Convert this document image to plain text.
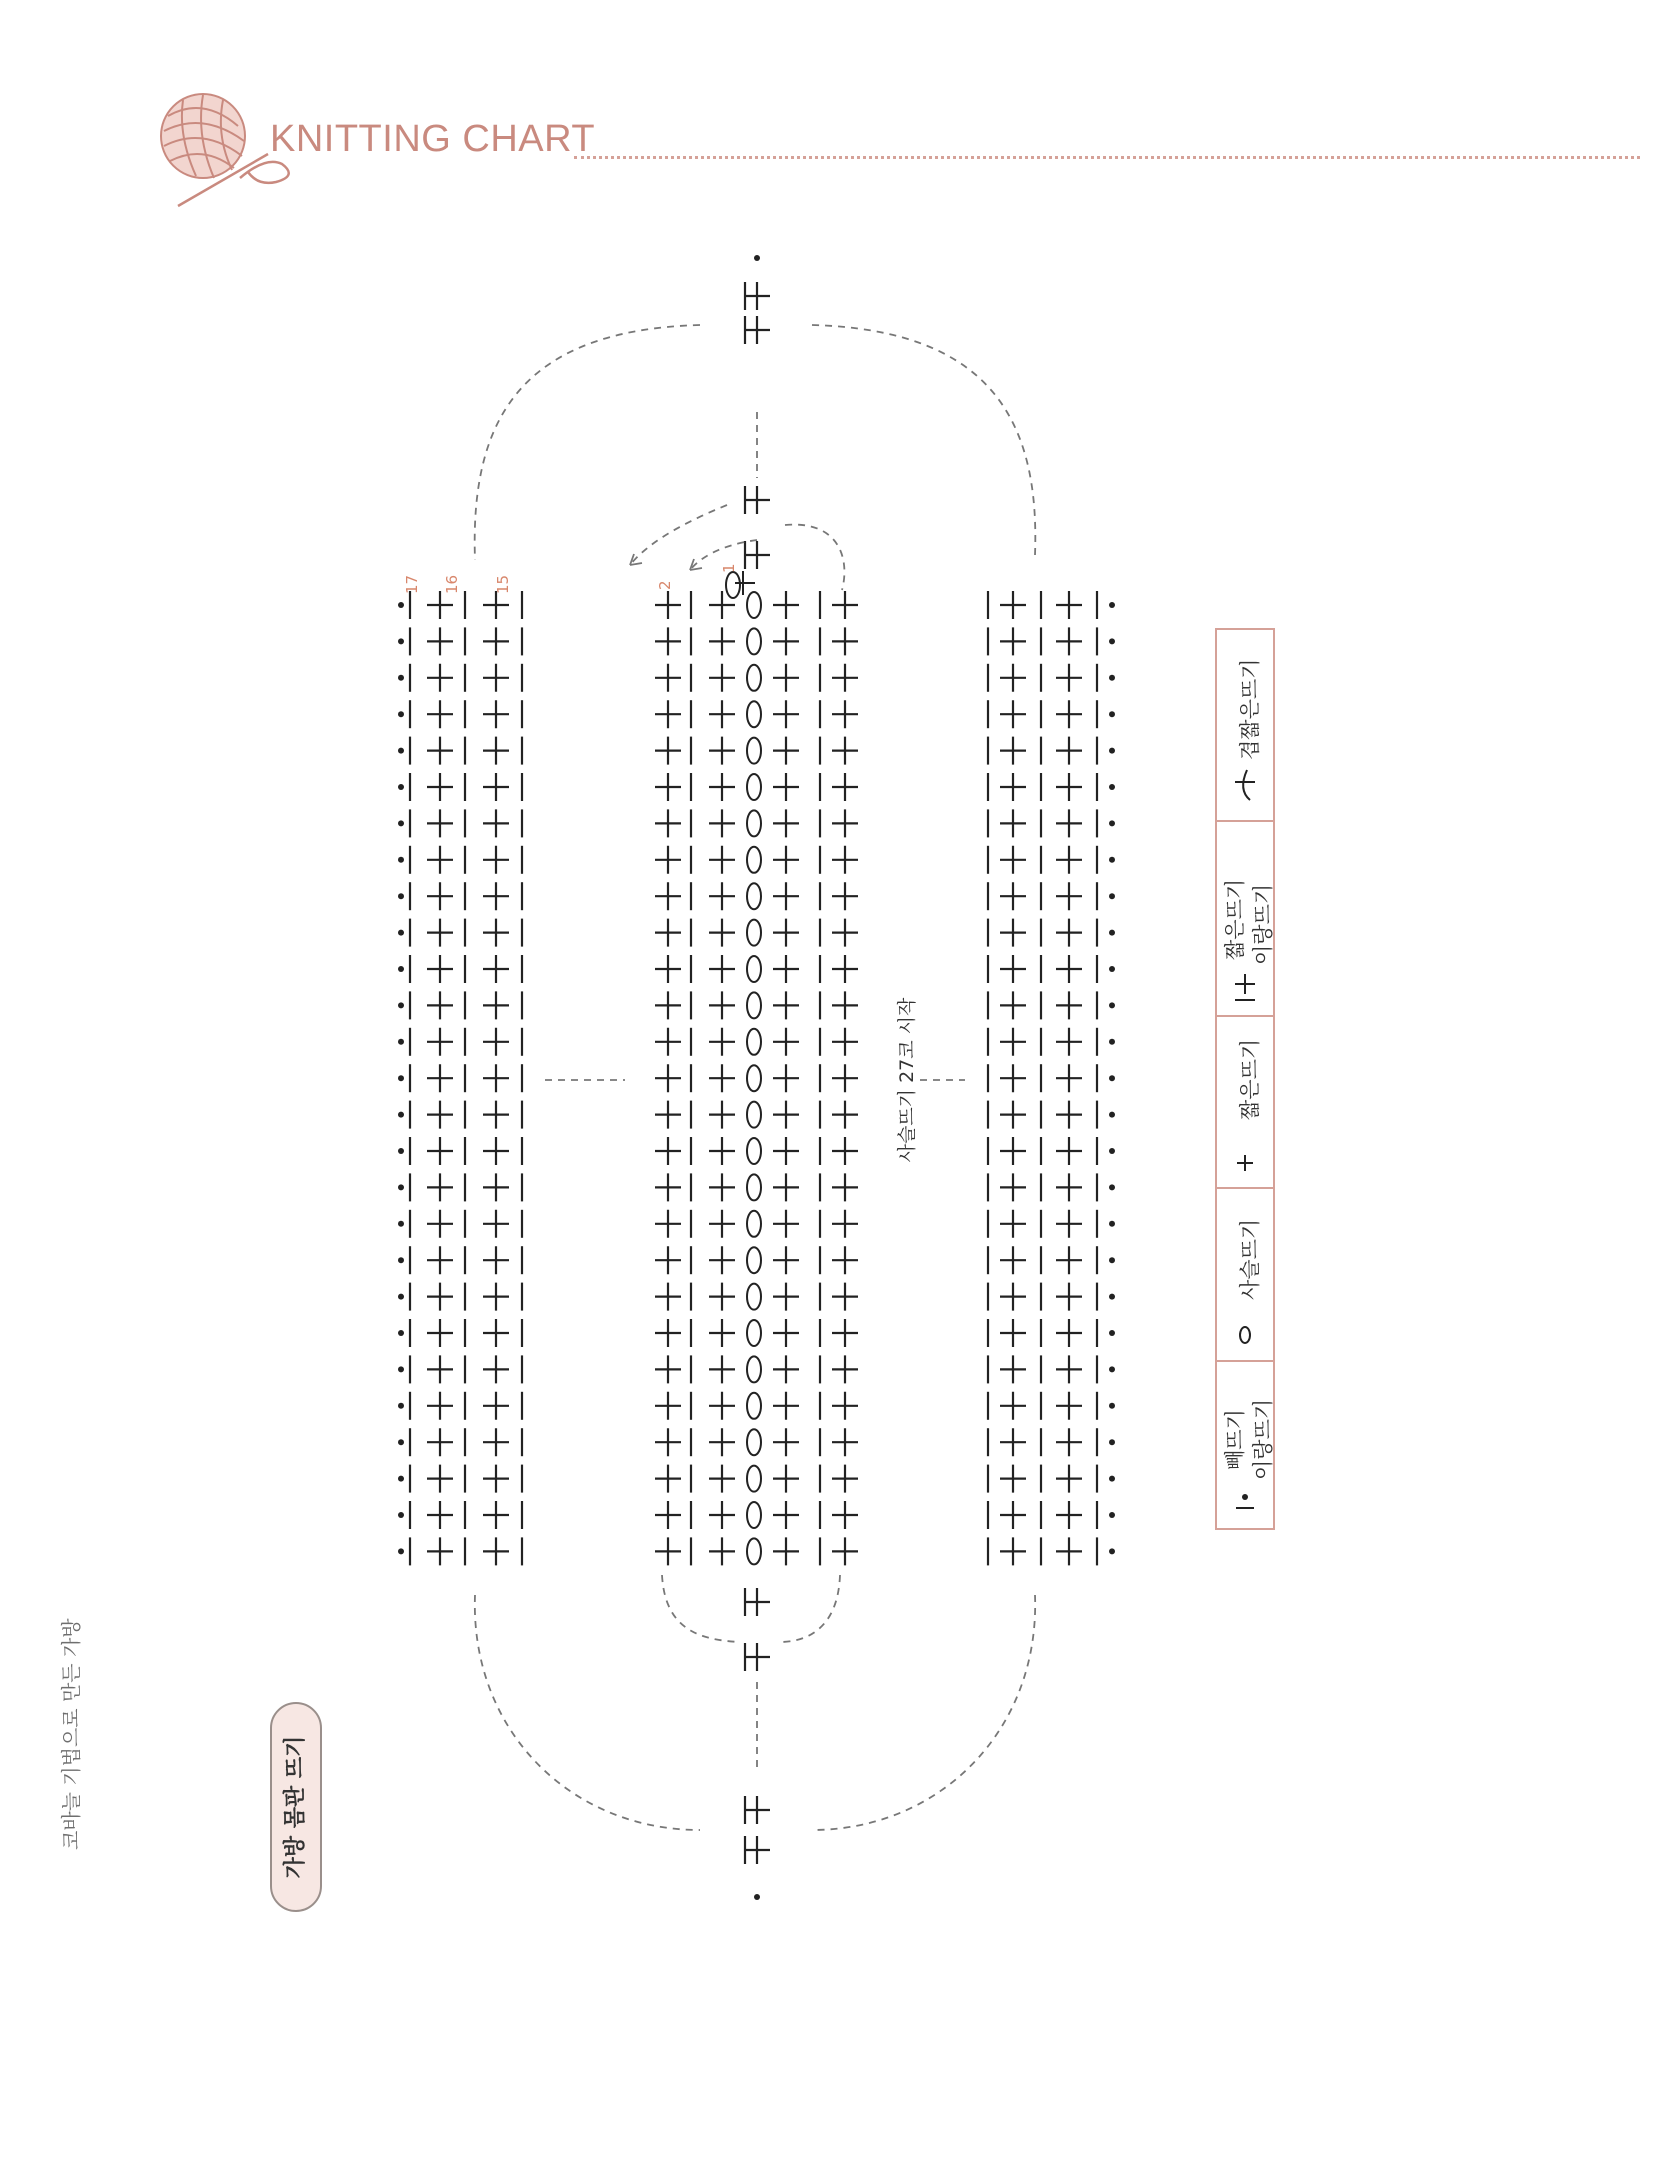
KNITTING CHART
1
2
15
16
17
사슬뜨기 27코 시작
빼뜨기 이랑뜨기
사슬뜨기
짧은뜨기
짧은뜨기 이랑뜨기
겹짧은뜨기
코바늘 기법으로 만든 가방	가방 몸판 뜨기
